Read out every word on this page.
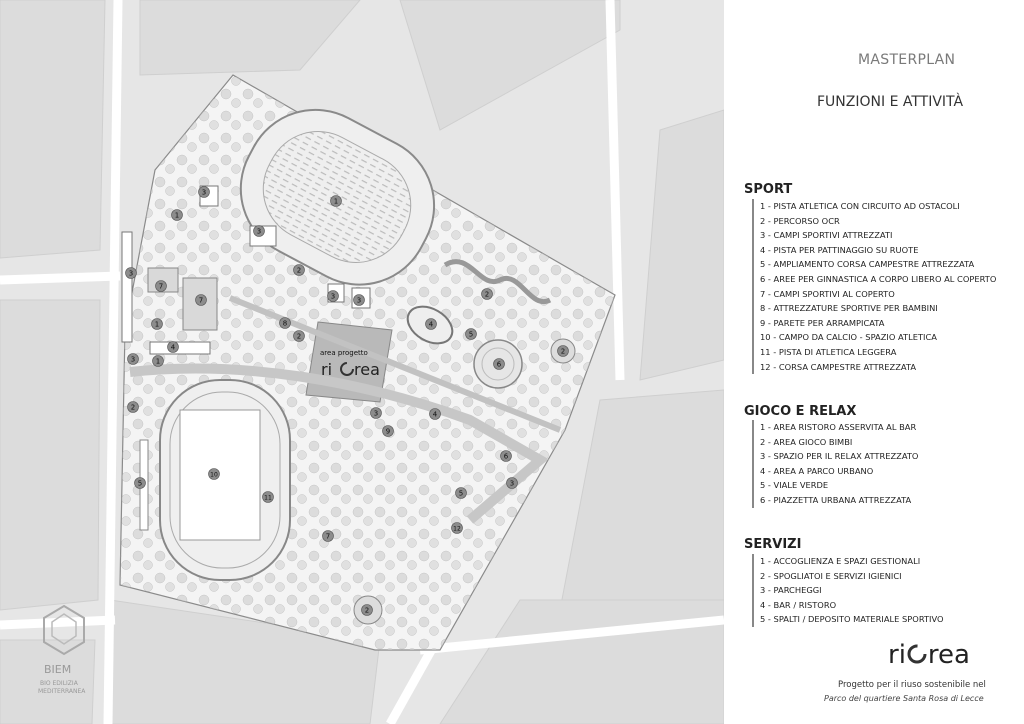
area progetto
ri rea
BIEM
BIO EDILIZIA
MEDITERRANEA
1
3
1
3
2
3
7
7	3	3
2
8
1	4
5
2
4
3	1
2
6
2
3	4
9
6
10
5	3
11
5
12
7
2
MASTERPLAN
FUNZIONI E ATTIVITÀ
SPORT
1 - PISTA ATLETICA CON CIRCUITO AD OSTACOLI
2 - PERCORSO OCR
3 - CAMPI SPORTIVI ATTREZZATI
4 - PISTA PER PATTINAGGIO SU RUOTE
5 - AMPLIAMENTO CORSA CAMPESTRE ATTREZZATA
6 - AREE PER GINNASTICA A CORPO LIBERO AL COPERTO
7 - CAMPI SPORTIVI AL COPERTO
8 - ATTREZZATURE SPORTIVE PER BAMBINI
9 - PARETE PER ARRAMPICATA
10 - CAMPO DA CALCIO - SPAZIO ATLETICA
11 - PISTA DI ATLETICA LEGGERA
12 - CORSA CAMPESTRE ATTREZZATA
GIOCO E RELAX
1 - AREA RISTORO ASSERVITA AL BAR
2 - AREA GIOCO BIMBI
3 - SPAZIO PER IL RELAX ATTREZZATO
4 - AREA A PARCO URBANO
5 - VIALE VERDE
6 - PIAZZETTA URBANA ATTREZZATA
SERVIZI
1 - ACCOGLIENZA E SPAZI GESTIONALI
2 - SPOGLIATOI E SERVIZI IGIENICI
3 - PARCHEGGI
4 - BAR / RISTORO
5 - SPALTI / DEPOSITO MATERIALE SPORTIVO
ri rea
Progetto per il riuso sostenibile nel
Parco del quartiere Santa Rosa di Lecce
